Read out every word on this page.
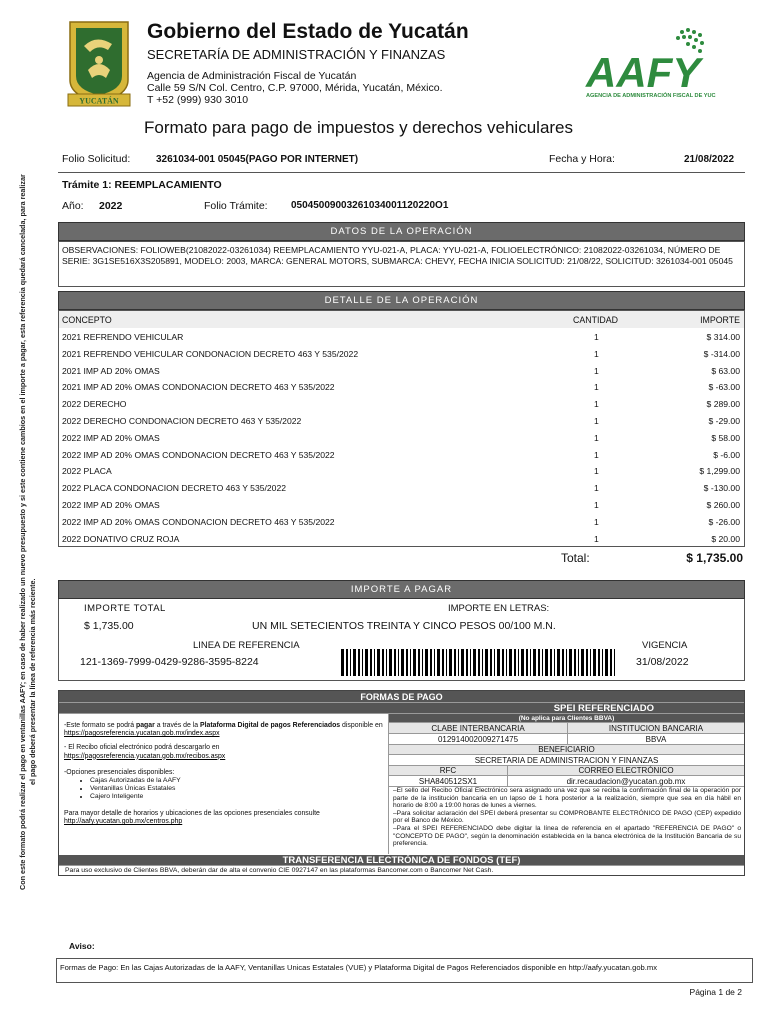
Con este formato podrá realizar el pago en ventanillas AAFY; en caso de haber realizado un nuevo presupuesto y si este contiene cambios en el importe a pagar, esta referencia quedará cancelada, para realizar el pago deberá presentar la línea de referencia más reciente.
YUCATÁN
Gobierno del Estado de Yucatán
SECRETARÍA DE ADMINISTRACIÓN Y FINANZAS
Agencia de Administración Fiscal de Yucatán
Calle 59 S/N Col. Centro, C.P. 97000, Mérida, Yucatán, México.
T +52 (999) 930 3010
AAFY
AGENCIA DE ADMINISTRACIÓN FISCAL DE YUC
Formato para pago de impuestos y derechos vehiculares
Folio Solicitud:	3261034-001 05045(PAGO POR INTERNET)	Fecha y Hora:	21/08/2022
Trámite 1: REEMPLACAMIENTO
Año: 2022	Folio Trámite: 05045009003261034001120220O1
DATOS DE LA OPERACIÓN
OBSERVACIONES: FOLIOWEB(21082022-03261034) REEMPLACAMIENTO YYU-021-A, PLACA: YYU-021-A, FOLIOELECTRÓNICO: 21082022-03261034, NÚMERO DE SERIE: 3G1SE516X3S205891, MODELO: 2003, MARCA: GENERAL MOTORS, SUBMARCA: CHEVY, FECHA INICIA SOLICITUD: 21/08/22, SOLICITUD: 3261034-001 05045
DETALLE DE LA OPERACIÓN
CONCEPTO	CANTIDAD	IMPORTE
2021 REFRENDO VEHICULAR	1	$ 314.00
2021 REFRENDO VEHICULAR CONDONACION DECRETO 463 Y 535/2022	1	$ -314.00
2021 IMP AD 20% OMAS	1	$ 63.00
2021 IMP AD 20% OMAS CONDONACION DECRETO 463 Y 535/2022	1	$ -63.00
2022 DERECHO	1	$ 289.00
2022 DERECHO CONDONACION DECRETO 463 Y 535/2022	1	$ -29.00
2022 IMP AD 20% OMAS	1	$ 58.00
2022 IMP AD 20% OMAS CONDONACION DECRETO 463 Y 535/2022	1	$ -6.00
2022 PLACA	1	$ 1,299.00
2022 PLACA CONDONACION DECRETO 463 Y 535/2022	1	$ -130.00
2022 IMP AD 20% OMAS	1	$ 260.00
2022 IMP AD 20% OMAS CONDONACION DECRETO 463 Y 535/2022	1	$ -26.00
2022 DONATIVO CRUZ ROJA	1	$ 20.00
Total:	$ 1,735.00
IMPORTE A PAGAR
IMPORTE TOTAL
$ 1,735.00
IMPORTE EN LETRAS:
UN MIL SETECIENTOS TREINTA Y CINCO PESOS 00/100 M.N.
LINEA DE REFERENCIA
121-1369-7999-0429-9286-3595-8224
VIGENCIA
31/08/2022
FORMAS DE PAGO
SPEI REFERENCIADO
(No aplica para Clientes BBVA)
-Este formato se podrá pagar a través de la Plataforma Digital de pagos Referenciados disponible en
https://pagosreferencia.yucatan.gob.mx/index.aspx
- El Recibo oficial electrónico podrá descargarlo en
https://pagosreferencia.yucatan.gob.mx/recibos.aspx
-Opciones presenciales disponibles:
• Cajas Autorizadas de la AAFY
• Ventanillas Únicas Estatales
• Cajero Inteligente
Para mayor detalle de horarios y ubicaciones de las opciones presenciales consulte http://aafy.yucatan.gob.mx/centros.php
CLABE INTERBANCARIA	INSTITUCION BANCARIA
012914002009271475	BBVA
BENEFICIARIO
SECRETARIA DE ADMINISTRACION Y FINANZAS
RFC	CORREO ELECTRÓNICO
SHA840512SX1	dir.recaudacion@yucatan.gob.mx
–El sello del Recibo Oficial Electrónico sera asignado una vez que se reciba la confirmación final de la operación por parte de la institución bancaria en un lapso de 1 hora posterior a la realización, siempre que sea en día hábil en horario de 8:00 a 19:00 horas de lunes a viernes.
–Para solicitar aclaración del SPEI deberá presentar su COMPROBANTE ELECTRÓNICO DE PAGO (CEP) expedido por el Banco de México.
–Para el SPEI REFERENCIADO debe digitar la línea de referencia en el apartado "REFERENCIA DE PAGO" o "CONCEPTO DE PAGO", según la denominación establecida en la banca electrónica de la Institución Bancaria de su preferencia.
TRANSFERENCIA ELECTRÓNICA DE FONDOS (TEF)
Para uso exclusivo de Clientes BBVA, deberán dar de alta el convenio CIE 0927147 en las plataformas Bancomer.com o Bancomer Net Cash.
Aviso:
Formas de Pago: En las Cajas Autorizadas de la AAFY, Ventanillas Unicas Estatales (VUE) y Plataforma Digital de Pagos Referenciados disponible en http://aafy.yucatan.gob.mx
Página 1 de 2
